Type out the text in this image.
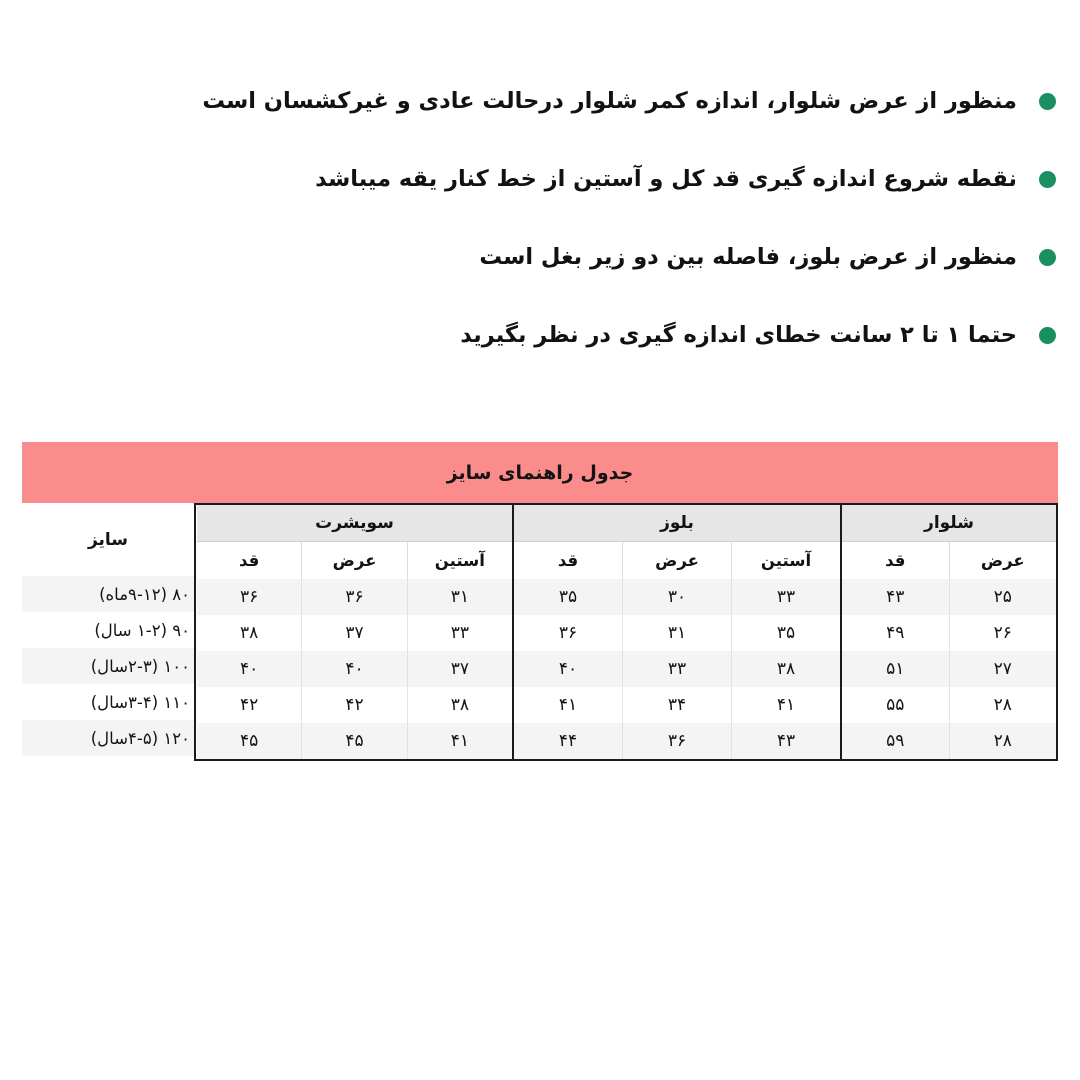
منظور از عرض شلوار، اندازه کمر شلوار درحالت عادی و غیرکشسان است
نقطه شروع اندازه گیری قد کل و آستین از خط کنار یقه میباشد
منظور از عرض بلوز، فاصله بین دو زیر بغل است
حتما ۱ تا ۲ سانت خطای اندازه گیری در نظر بگیرید
جدول راهنمای سایز
شلوار
عرض
قد
۲۵
۴۳
۲۶
۴۹
۲۷
۵۱
۲۸
۵۵
۲۸
۵۹
بلوز
آستین
عرض
قد
۳۳
۳۰
۳۵
۳۵
۳۱
۳۶
۳۸
۳۳
۴۰
۴۱
۳۴
۴۱
۴۳
۳۶
۴۴
سویشرت
آستین
عرض
قد
۳۱
۳۶
۳۶
۳۳
۳۷
۳۸
۳۷
۴۰
۴۰
۳۸
۴۲
۴۲
۴۱
۴۵
۴۵
سایز
۸۰ (۹-۱۲ماه)
۹۰ (۱-۲ سال)
۱۰۰ (۲-۳سال)
۱۱۰ (۳-۴سال)
۱۲۰ (۴-۵سال)
